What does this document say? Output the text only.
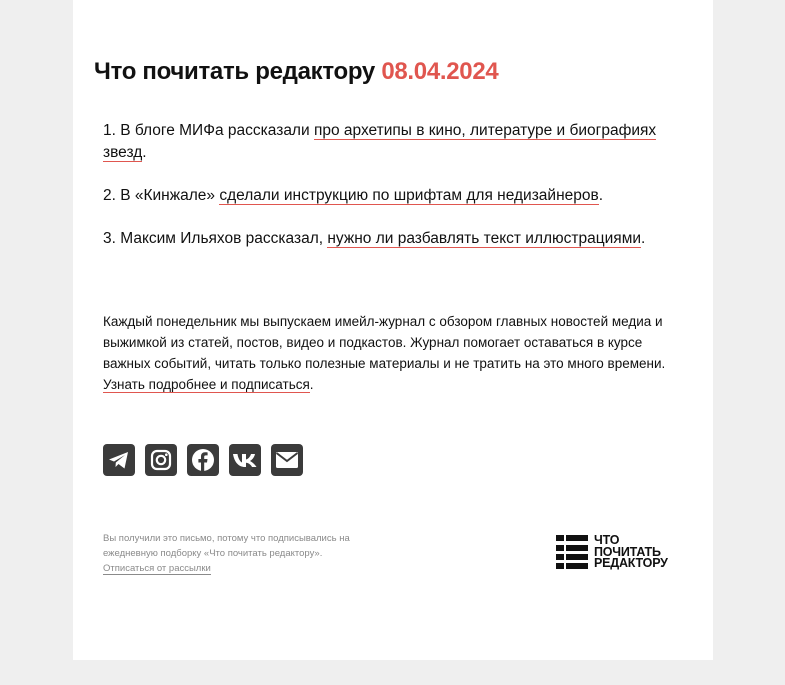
Что почитать редактору 08.04.2024
1. В блоге МИФа рассказали про архетипы в кино, литературе и биографиях звезд.
2. В «Кинжале» сделали инструкцию по шрифтам для недизайнеров.
3. Максим Ильяхов рассказал, нужно ли разбавлять текст иллюстрациями.
Каждый понедельник мы выпускаем имейл-журнал с обзором главных новостей медиа и выжимкой из статей, постов, видео и подкастов. Журнал помогает оставаться в курсе важных событий, читать только полезные материалы и не тратить на это много времени. Узнать подробнее и подписаться.
Вы получили это письмо, потому что подписывались на ежедневную подборку «Что почитать редактору».
Отписаться от рассылки
ЧТО
ПОЧИТАТЬ
РЕДАКТОРУ
